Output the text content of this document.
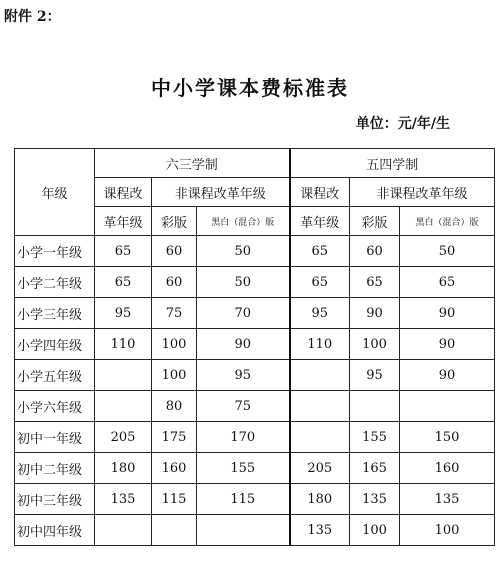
附件 2：
中小学课本费标准表
单位：元/年/生
年级	六三学制			五四学制		
	课程改	非课程改革年级		课程改	非课程改革年级	
	革年级	彩版	黑白（混合）版	革年级	彩版	黑白（混合）版
小学一年级	65	60	50	65	60	50
小学二年级	65	60	50	65	65	65
小学三年级	95	75	70	95	90	90
小学四年级	110	100	90	110	100	90
小学五年级		100	95		95	90
小学六年级		80	75			
初中一年级	205	175	170		155	150
初中二年级	180	160	155	205	165	160
初中三年级	135	115	115	180	135	135
初中四年级				135	100	100
